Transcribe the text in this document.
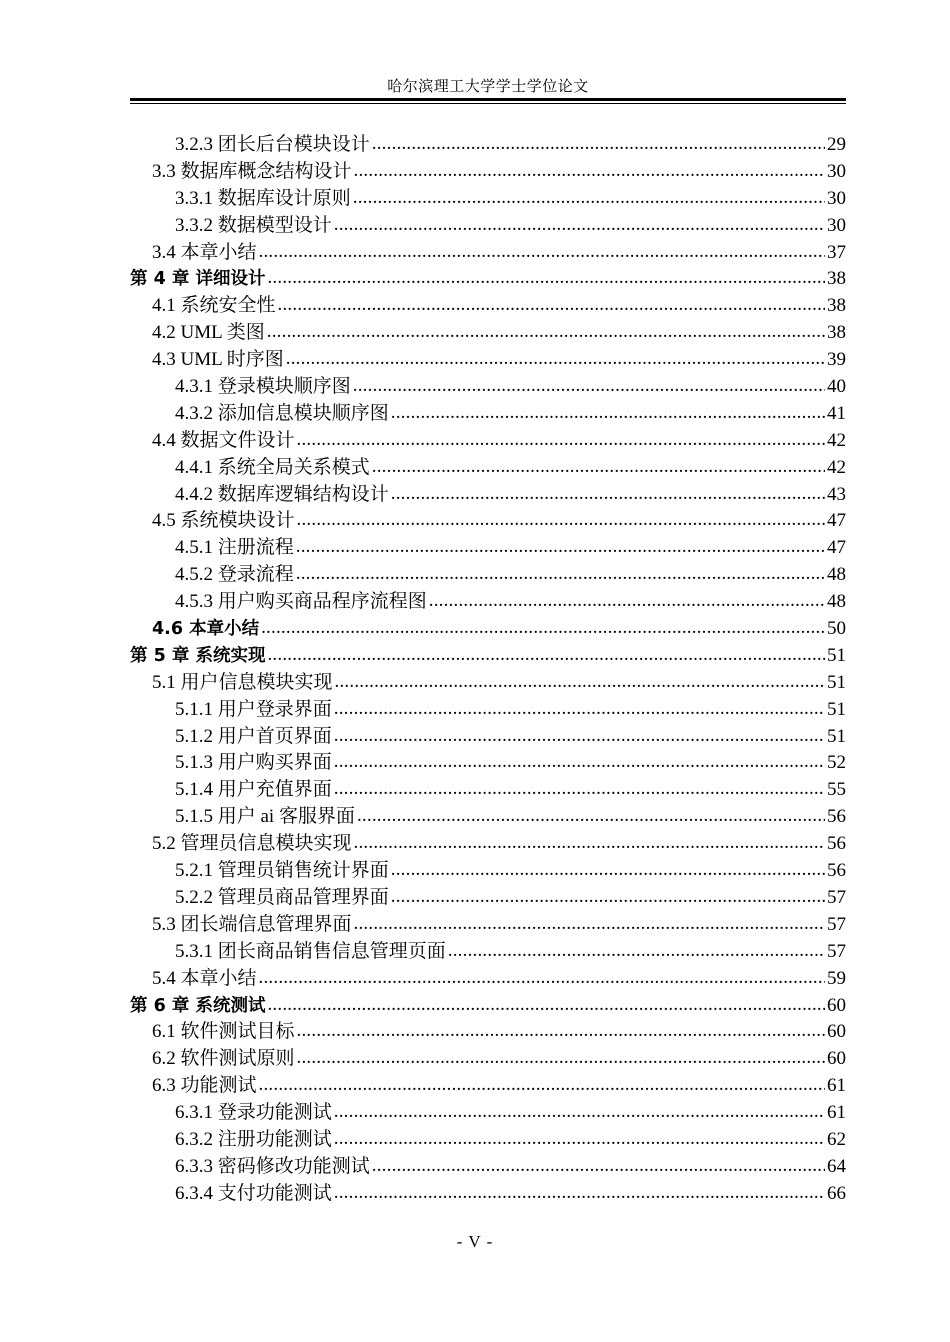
哈尔滨理工大学学士学位论文
3.2.3 团长后台模块设计 .....	29
3.3 数据库概念结构设计 .....	30
3.3.1 数据库设计原则 .....	30
3.3.2 数据模型设计 .....	30
3.4 本章小结 .....	37
第 4 章 详细设计 .....	38
4.1 系统安全性 .....	38
4.2 UML 类图 .....	38
4.3 UML 时序图 .....	39
4.3.1 登录模块顺序图 .....	40
4.3.2 添加信息模块顺序图 .....	41
4.4 数据文件设计 .....	42
4.4.1 系统全局关系模式 .....	42
4.4.2 数据库逻辑结构设计 .....	43
4.5 系统模块设计 .....	47
4.5.1 注册流程 .....	47
4.5.2 登录流程 .....	48
4.5.3 用户购买商品程序流程图 .....	48
4.6 本章小结 .....	50
第 5 章 系统实现 .....	51
5.1 用户信息模块实现 .....	51
5.1.1 用户登录界面 .....	51
5.1.2 用户首页界面 .....	51
5.1.3 用户购买界面 .....	52
5.1.4 用户充值界面 .....	55
5.1.5 用户 ai 客服界面 .....	56
5.2 管理员信息模块实现 .....	56
5.2.1 管理员销售统计界面 .....	56
5.2.2 管理员商品管理界面 .....	57
5.3 团长端信息管理界面 .....	57
5.3.1 团长商品销售信息管理页面 .....	57
5.4 本章小结 .....	59
第 6 章 系统测试 .....	60
6.1 软件测试目标 .....	60
6.2 软件测试原则 .....	60
6.3 功能测试 .....	61
6.3.1 登录功能测试 .....	61
6.3.2 注册功能测试 .....	62
6.3.3 密码修改功能测试 .....	64
6.3.4 支付功能测试 .....	66
- V -
